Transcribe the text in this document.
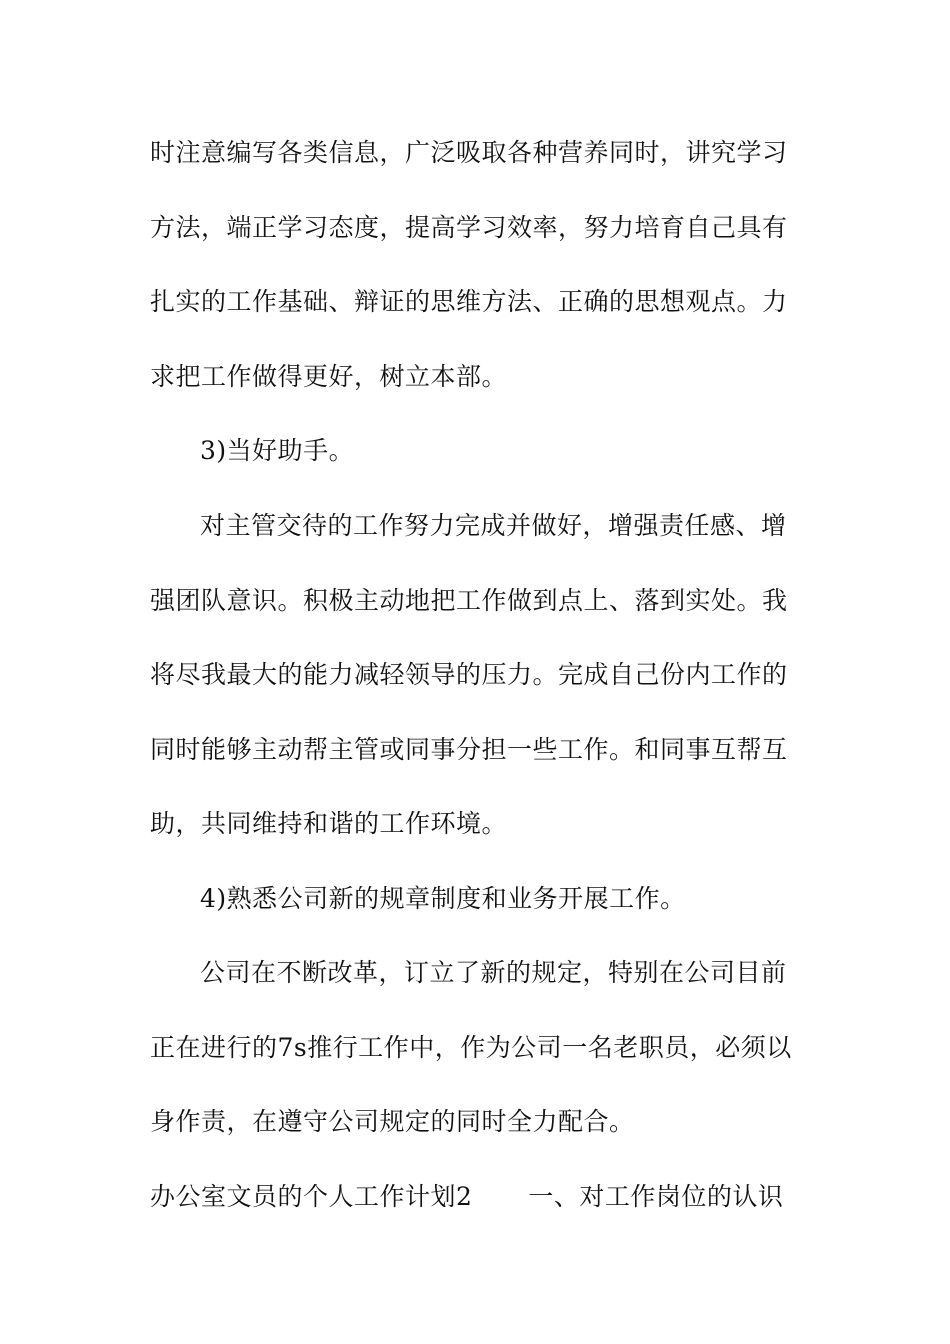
时注意编写各类信息，广泛吸取各种营养同时，讲究学习
方法，端正学习态度，提高学习效率，努力培育自己具有
扎实的工作基础、辩证的思维方法、正确的思想观点。力
求把工作做得更好，树立本部。
3)当好助手。
对主管交待的工作努力完成并做好，增强责任感、增
强团队意识。积极主动地把工作做到点上、落到实处。我
将尽我最大的能力减轻领导的压力。完成自己份内工作的
同时能够主动帮主管或同事分担一些工作。和同事互帮互
助，共同维持和谐的工作环境。
4)熟悉公司新的规章制度和业务开展工作。
公司在不断改革，订立了新的规定，特别在公司目前
正在进行的7s推行工作中，作为公司一名老职员，必须以
身作责，在遵守公司规定的同时全力配合。
办公室文员的个人工作计划2 一、对工作岗位的认识
